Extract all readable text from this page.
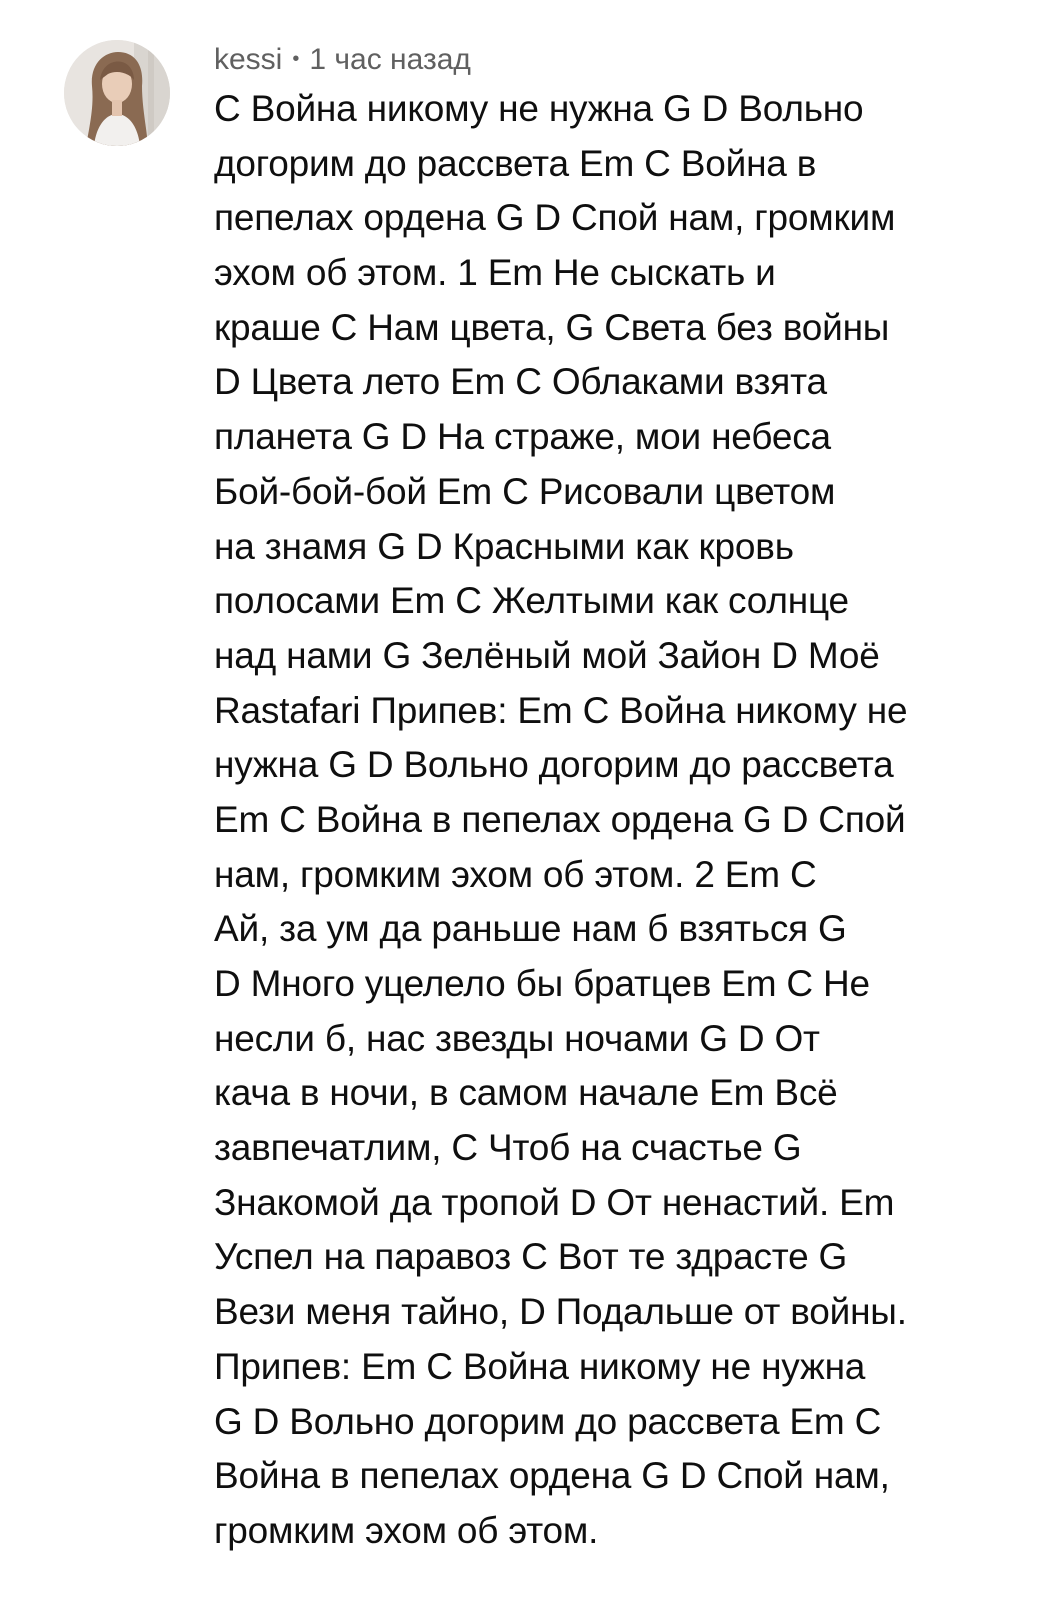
kessi • 1 час назад
С Война никому не нужна G D Вольно
догорим до рассвета Em C Война в
пепелах ордена G D Спой нам, громким
эхом об этом. 1 Em Не сыскать и
краше C Нам цвета, G Света без войны
D Цвета лето Em C Облаками взята
планета G D На страже, мои небеса
Бой-бой-бой Em C Рисовали цветом
на знамя G D Красными как кровь
полосами Em C Желтыми как солнце
над нами G Зелёный мой Зайон D Моё
Rastafari Припев: Em C Война никому не
нужна G D Вольно догорим до рассвета
Em C Война в пепелах ордена G D Спой
нам, громким эхом об этом. 2 Em C
Ай, за ум да раньше нам б взяться G
D Много уцелело бы братцев Em C Не
несли б, нас звезды ночами G D От
кача в ночи, в самом начале Em Всё
завпечатлим, C Чтоб на счастье G
Знакомой да тропой D От ненастий. Em
Успел на паравоз C Вот те здрасте G
Вези меня тайно, D Подальше от войны.
Припев: Em C Война никому не нужна
G D Вольно догорим до рассвета Em C
Война в пепелах ордена G D Спой нам,
громким эхом об этом.
